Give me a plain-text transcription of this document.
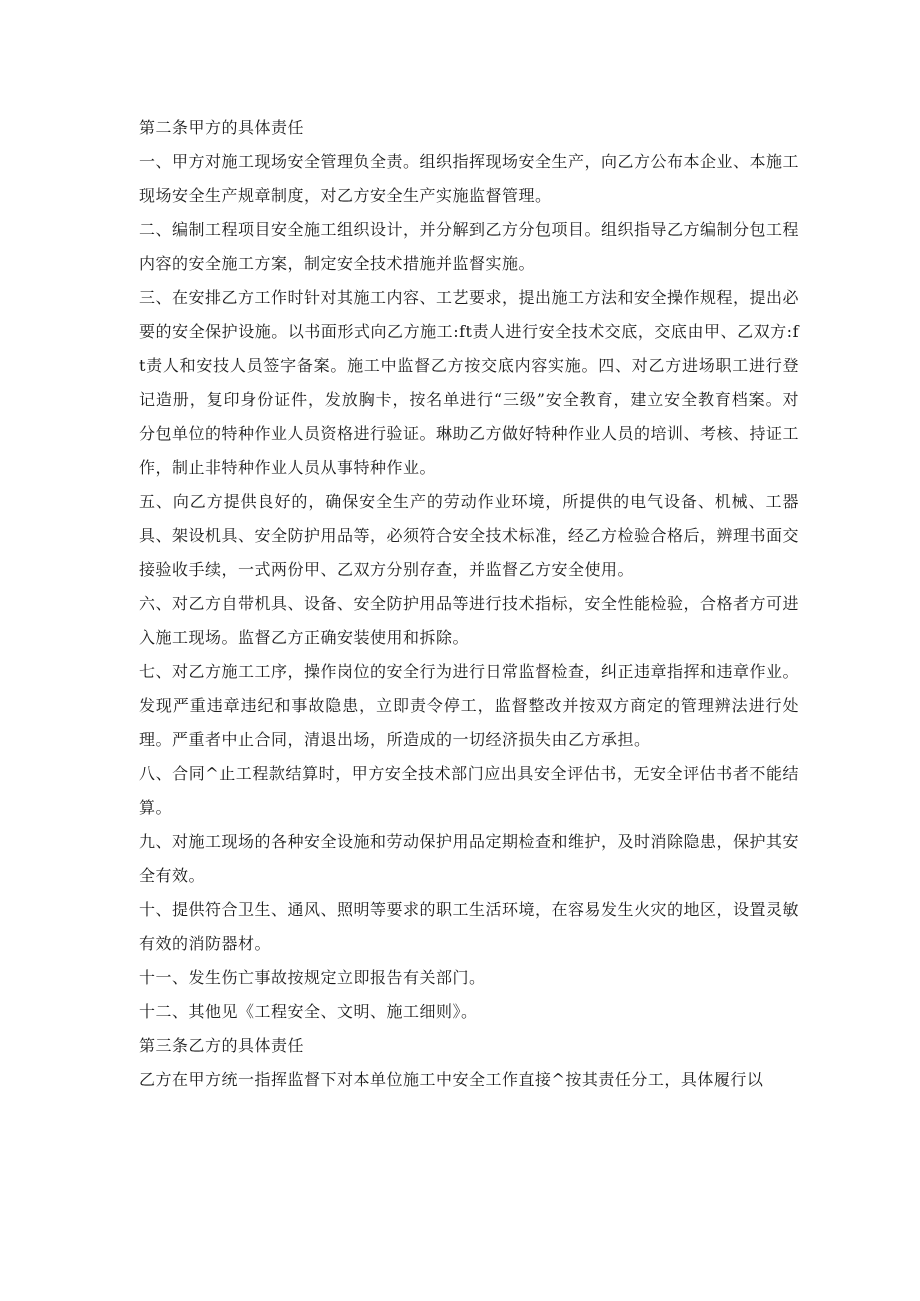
第二条甲方的具体责任

一、甲方对施工现场安全管理负全责。组织指挥现场安全生产，向乙方公布本企业、本施工现场安全生产规章制度，对乙方安全生产实施监督管理。

二、编制工程项目安全施工组织设计，并分解到乙方分包项目。组织指导乙方编制分包工程内容的安全施工方案，制定安全技术措施并监督实施。

三、在安排乙方工作时针对其施工内容、工艺要求，提出施工方法和安全操作规程，提出必要的安全保护设施。以书面形式向乙方施工:ft责人进行安全技术交底，交底由甲、乙双方:ft责人和安技人员签字备案。施工中监督乙方按交底内容实施。四、对乙方进场职工进行登记造册，复印身份证件，发放胸卡，按名单进行“三级”安全教育，建立安全教育档案。对分包单位的特种作业人员资格进行验证。琳助乙方做好特种作业人员的培训、考核、持证工作，制止非特种作业人员从事特种作业。

五、向乙方提供良好的，确保安全生产的劳动作业环境，所提供的电气设备、机械、工器具、架设机具、安全防护用品等，必须符合安全技术标准，经乙方检验合格后，辨理书面交接验收手续，一式两份甲、乙双方分别存查，并监督乙方安全使用。

六、对乙方自带机具、设备、安全防护用品等进行技术指标，安全性能检验，合格者方可进入施工现场。监督乙方正确安装使用和拆除。

七、对乙方施工工序，操作岗位的安全行为进行日常监督检查，纠正违章指挥和违章作业。发现严重违章违纪和事故隐患，立即责令停工，监督整改并按双方商定的管理辨法进行处理。严重者中止合同，清退出场，所造成的一切经济损失由乙方承担。

八、合同^止工程款结算时，甲方安全技术部门应出具安全评估书，无安全评估书者不能结算。

九、对施工现场的各种安全设施和劳动保护用品定期检查和维护，及时消除隐患，保护其安全有效。

十、提供符合卫生、通风、照明等要求的职工生活环境，在容易发生火灾的地区，设置灵敏有效的消防器材。

十一、发生伤亡事故按规定立即报告有关部门。

十二、其他见《工程安全、文明、施工细则》。

第三条乙方的具体责任

乙方在甲方统一指挥监督下对本单位施工中安全工作直接^按其责任分工，具体履行以
